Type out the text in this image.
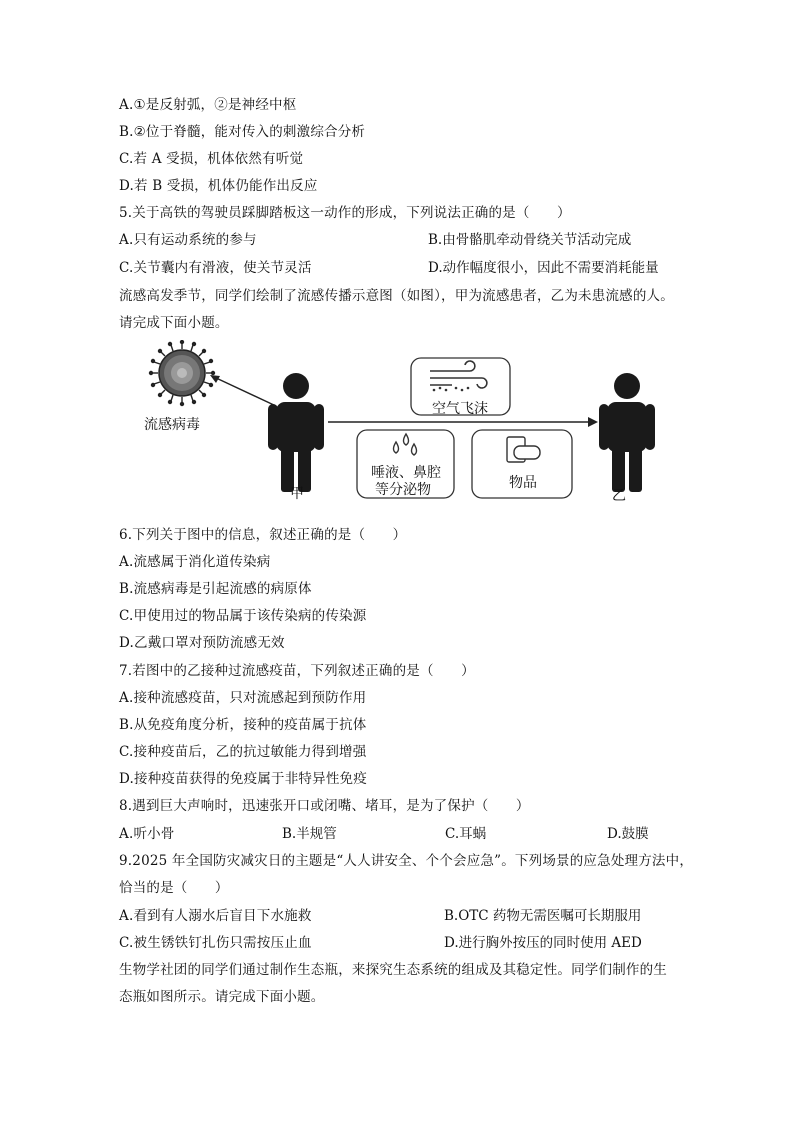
A.①是反射弧，②是神经中枢
B.②位于脊髓，能对传入的刺激综合分析
C.若 A 受损，机体依然有听觉
D.若 B 受损，机体仍能作出反应
5.关于高铁的驾驶员踩脚踏板这一动作的形成，下列说法正确的是（　　）
A.只有运动系统的参与	B.由骨骼肌牵动骨绕关节活动完成
C.关节囊内有滑液，使关节灵活	D.动作幅度很小，因此不需要消耗能量
流感高发季节，同学们绘制了流感传播示意图（如图），甲为流感患者，乙为未患流感的人。
请完成下面小题。
流感病毒
空气飞沫
唾液、鼻腔
等分泌物	物品
甲	乙
6.下列关于图中的信息，叙述正确的是（　　）
A.流感属于消化道传染病
B.流感病毒是引起流感的病原体
C.甲使用过的物品属于该传染病的传染源
D.乙戴口罩对预防流感无效
7.若图中的乙接种过流感疫苗，下列叙述正确的是（　　）
A.接种流感疫苗，只对流感起到预防作用
B.从免疫角度分析，接种的疫苗属于抗体
C.接种疫苗后，乙的抗过敏能力得到增强
D.接种疫苗获得的免疫属于非特异性免疫
8.遇到巨大声响时，迅速张开口或闭嘴、堵耳，是为了保护（　　）
A.听小骨	B.半规管	C.耳蜗	D.鼓膜
9.2025 年全国防灾减灾日的主题是“人人讲安全、个个会应急”。下列场景的应急处理方法中，
恰当的是（　　）
A.看到有人溺水后盲目下水施救	B.OTC 药物无需医嘱可长期服用
C.被生锈铁钉扎伤只需按压止血	D.进行胸外按压的同时使用 AED
生物学社团的同学们通过制作生态瓶，来探究生态系统的组成及其稳定性。同学们制作的生
态瓶如图所示。请完成下面小题。
